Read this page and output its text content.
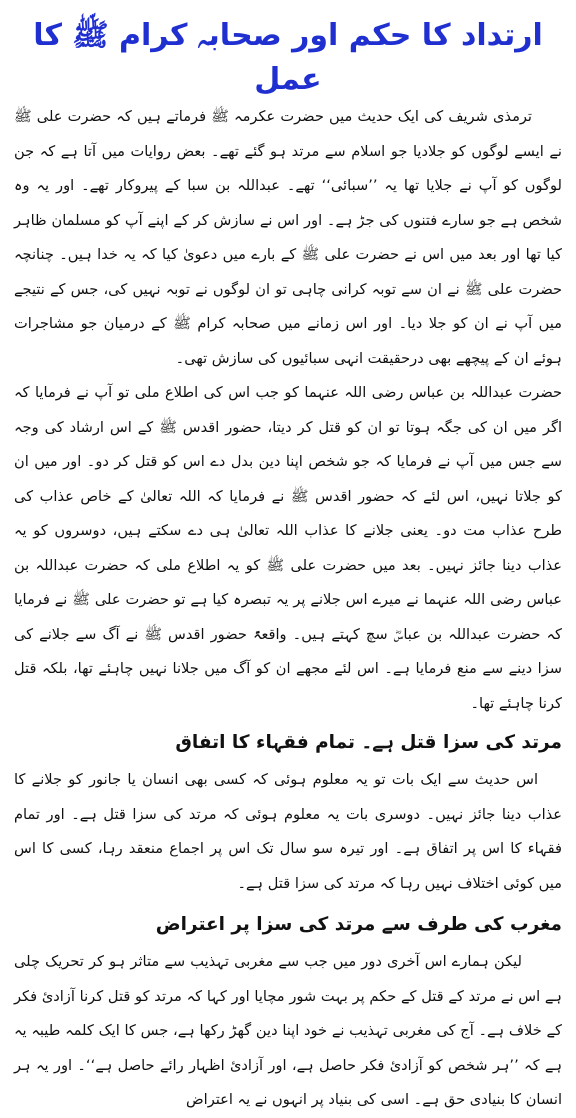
ارتداد کا حکم اور صحابہ کرام ﷺ کا عمل

ترمذی شریف کی ایک حدیث میں حضرت عکرمہ ﷺ فرماتے ہیں کہ حضرت علی ﷺ نے ایسے لوگوں کو جلادیا جو اسلام سے مرتد ہو گئے تھے۔ بعض روایات میں آتا ہے کہ جن لوگوں کو آپ نے جلایا تھا یہ ’’سبائی‘‘ تھے۔ عبداللہ بن سبا کے پیروکار تھے۔ اور یہ وہ شخص ہے جو سارے فتنوں کی جڑ ہے۔ اور اس نے سازش کر کے اپنے آپ کو مسلمان ظاہر کیا تھا اور بعد میں اس نے حضرت علی ﷺ کے بارے میں دعویٰ کیا کہ یہ خدا ہیں۔ چنانچہ حضرت علی ﷺ نے ان سے توبہ کرانی چاہی تو ان لوگوں نے توبہ نہیں کی، جس کے نتیجے میں آپ نے ان کو جلا دیا۔ اور اس زمانے میں صحابہ کرام ﷺ کے درمیان جو مشاجرات ہوئے ان کے پیچھے بھی درحقیقت انہی سبائیوں کی سازش تھی۔

حضرت عبداللہ بن عباس رضی اللہ عنہما کو جب اس کی اطلاع ملی تو آپ نے فرمایا کہ اگر میں ان کی جگہ ہوتا تو ان کو قتل کر دیتا، حضور اقدس ﷺ کے اس ارشاد کی وجہ سے جس میں آپ نے فرمایا کہ جو شخص اپنا دین بدل دے اس کو قتل کر دو۔ اور میں ان کو جلاتا نہیں، اس لئے کہ حضور اقدس ﷺ نے فرمایا کہ اللہ تعالیٰ کے خاص عذاب کی طرح عذاب مت دو۔ یعنی جلانے کا عذاب اللہ تعالیٰ ہی دے سکتے ہیں، دوسروں کو یہ عذاب دینا جائز نہیں۔ بعد میں حضرت علی ﷺ کو یہ اطلاع ملی کہ حضرت عبداللہ بن عباس رضی اللہ عنہما نے میرے اس جلانے پر یہ تبصرہ کیا ہے تو حضرت علی ﷺ نے فرمایا کہ حضرت عبداللہ بن عباسؓ سچ کہتے ہیں۔ واقعۃً حضور اقدس ﷺ نے آگ سے جلانے کی سزا دینے سے منع فرمایا ہے۔ اس لئے مجھے ان کو آگ میں جلانا نہیں چاہئے تھا، بلکہ قتل کرنا چاہئے تھا۔

مرتد کی سزا قتل ہے۔ تمام فقہاء کا اتفاق

اس حدیث سے ایک بات تو یہ معلوم ہوئی کہ کسی بھی انسان یا جانور کو جلانے کا عذاب دینا جائز نہیں۔ دوسری بات یہ معلوم ہوئی کہ مرتد کی سزا قتل ہے۔ اور تمام فقہاء کا اس پر اتفاق ہے۔ اور تیرہ سو سال تک اس پر اجماع منعقد رہا، کسی کا اس میں کوئی اختلاف نہیں رہا کہ مرتد کی سزا قتل ہے۔

مغرب کی طرف سے مرتد کی سزا پر اعتراض

لیکن ہمارے اس آخری دور میں جب سے مغربی تہذیب سے متاثر ہو کر تحریک چلی ہے اس نے مرتد کے قتل کے حکم پر بہت شور مچایا اور کہا کہ مرتد کو قتل کرنا آزادیٔ فکر کے خلاف ہے۔ آج کی مغربی تہذیب نے خود اپنا دین گھڑ رکھا ہے، جس کا ایک کلمہ طیبہ یہ ہے کہ ’’ہر شخص کو آزادیٔ فکر حاصل ہے، اور آزادیٔ اظہار رائے حاصل ہے‘‘۔ اور یہ ہر انسان کا بنیادی حق ہے۔ اسی کی بنیاد پر انہوں نے یہ اعتراض
